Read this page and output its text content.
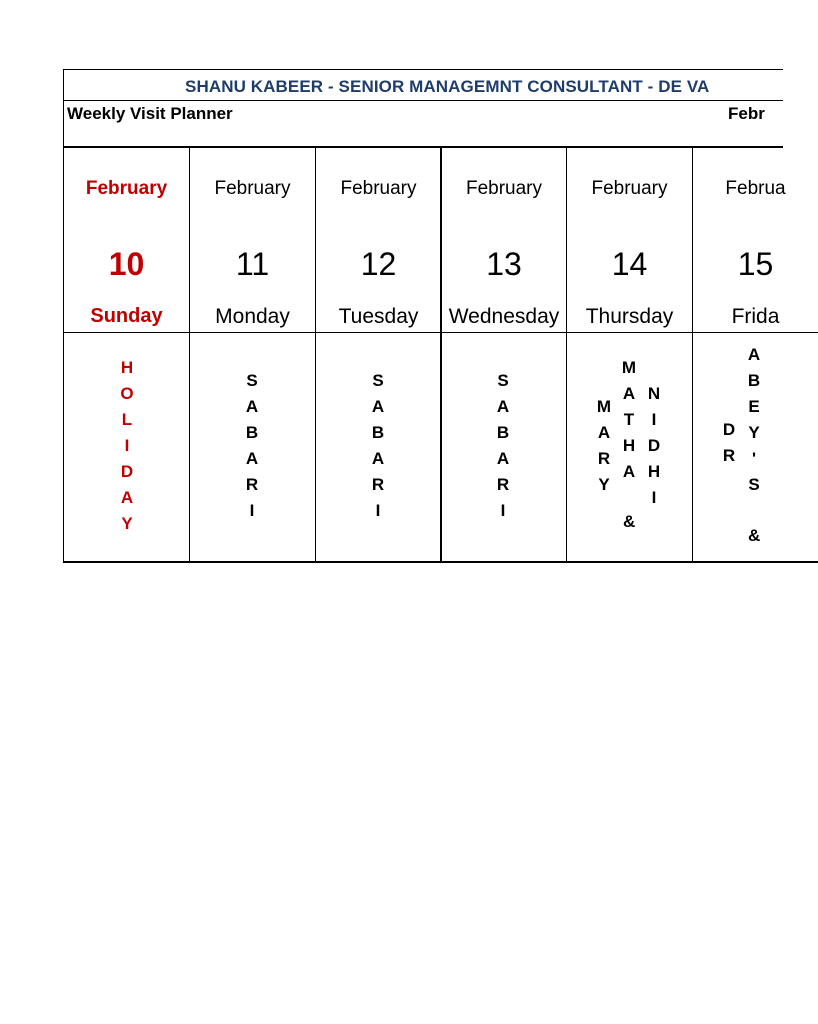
SHANU KABEER - SENIOR MANAGEMNT CONSULTANT - DE VA
Weekly Visit Planner	Febr
February
10
Sunday
H
O
L
I
D
A
Y
February
11
Monday
S
A
B
A
R
I
February
12
Tuesday
S
A
B
A
R
I
February
13
Wednesday
S
A
B
A
R
I
February
14
Thursday
M
A
R
Y
M
A
T
H
A
N
I
D
H
I
&
Februa
15
Frida
D
R
A
B
E
Y
'
S
&
